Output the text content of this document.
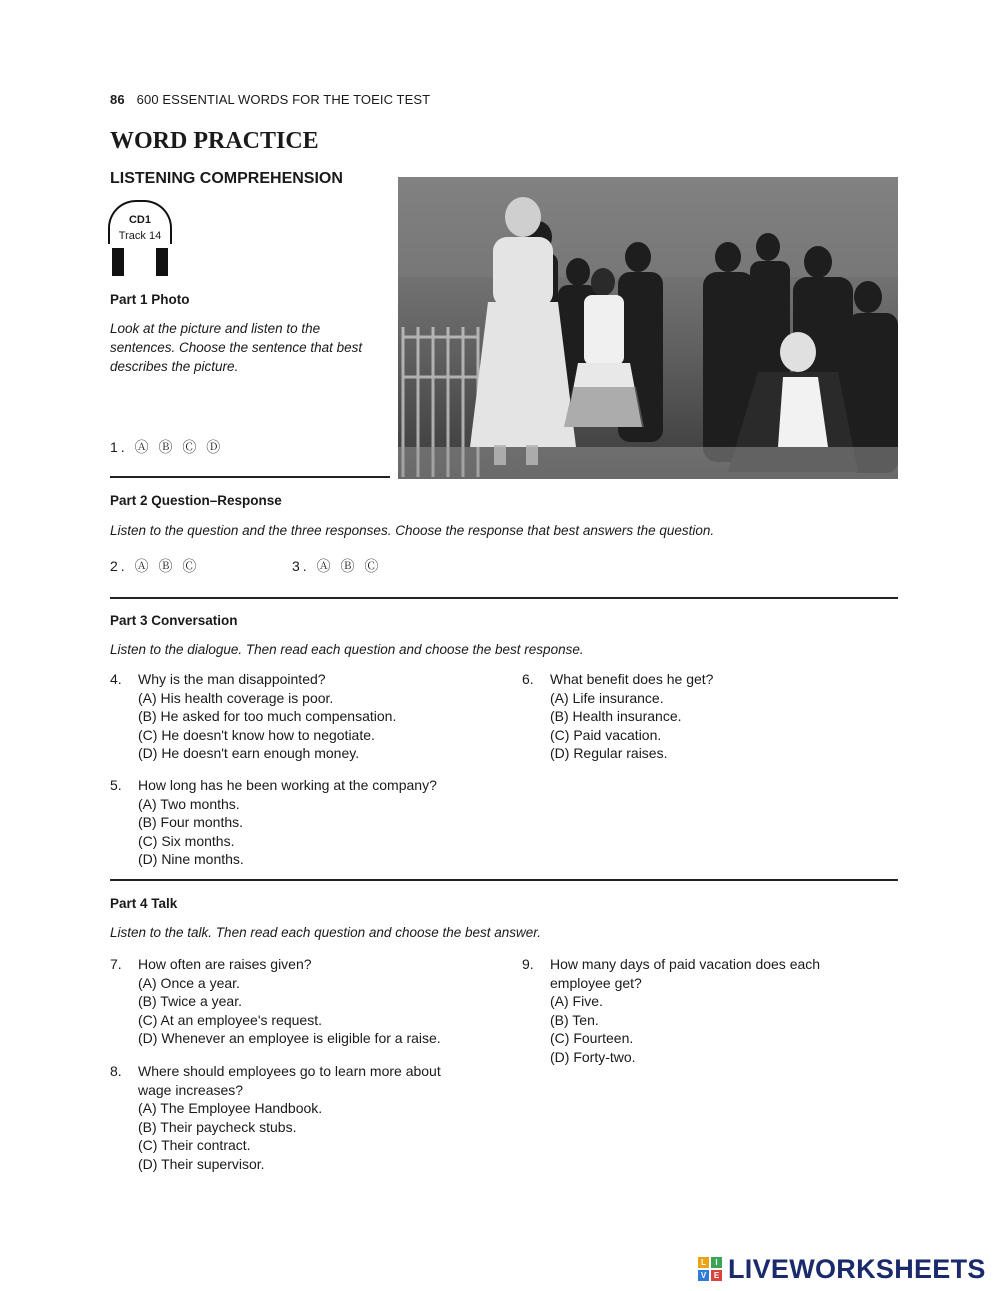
86 600 ESSENTIAL WORDS FOR THE TOEIC TEST
WORD PRACTICE
LISTENING COMPREHENSION
CD1
Track 14
Part 1 Photo
Look at the picture and listen to the sentences. Choose the sentence that best describes the picture.
1. Ⓐ Ⓑ Ⓒ Ⓓ
Part 2 Question–Response
Listen to the question and the three responses. Choose the response that best answers the question.
2. Ⓐ Ⓑ Ⓒ	3. Ⓐ Ⓑ Ⓒ
Part 3 Conversation
Listen to the dialogue. Then read each question and choose the best response.
4. Why is the man disappointed?
(A) His health coverage is poor.
(B) He asked for too much compensation.
(C) He doesn't know how to negotiate.
(D) He doesn't earn enough money.
5. How long has he been working at the company?
(A) Two months.
(B) Four months.
(C) Six months.
(D) Nine months.
6. What benefit does he get?
(A) Life insurance.
(B) Health insurance.
(C) Paid vacation.
(D) Regular raises.
Part 4 Talk
Listen to the talk. Then read each question and choose the best answer.
7. How often are raises given?
(A) Once a year.
(B) Twice a year.
(C) At an employee's request.
(D) Whenever an employee is eligible for a raise.
8. Where should employees go to learn more about
wage increases?
(A) The Employee Handbook.
(B) Their paycheck stubs.
(C) Their contract.
(D) Their supervisor.
9. How many days of paid vacation does each
employee get?
(A) Five.
(B) Ten.
(C) Fourteen.
(D) Forty-two.
L	I
V E LIVEWORKSHEETS
